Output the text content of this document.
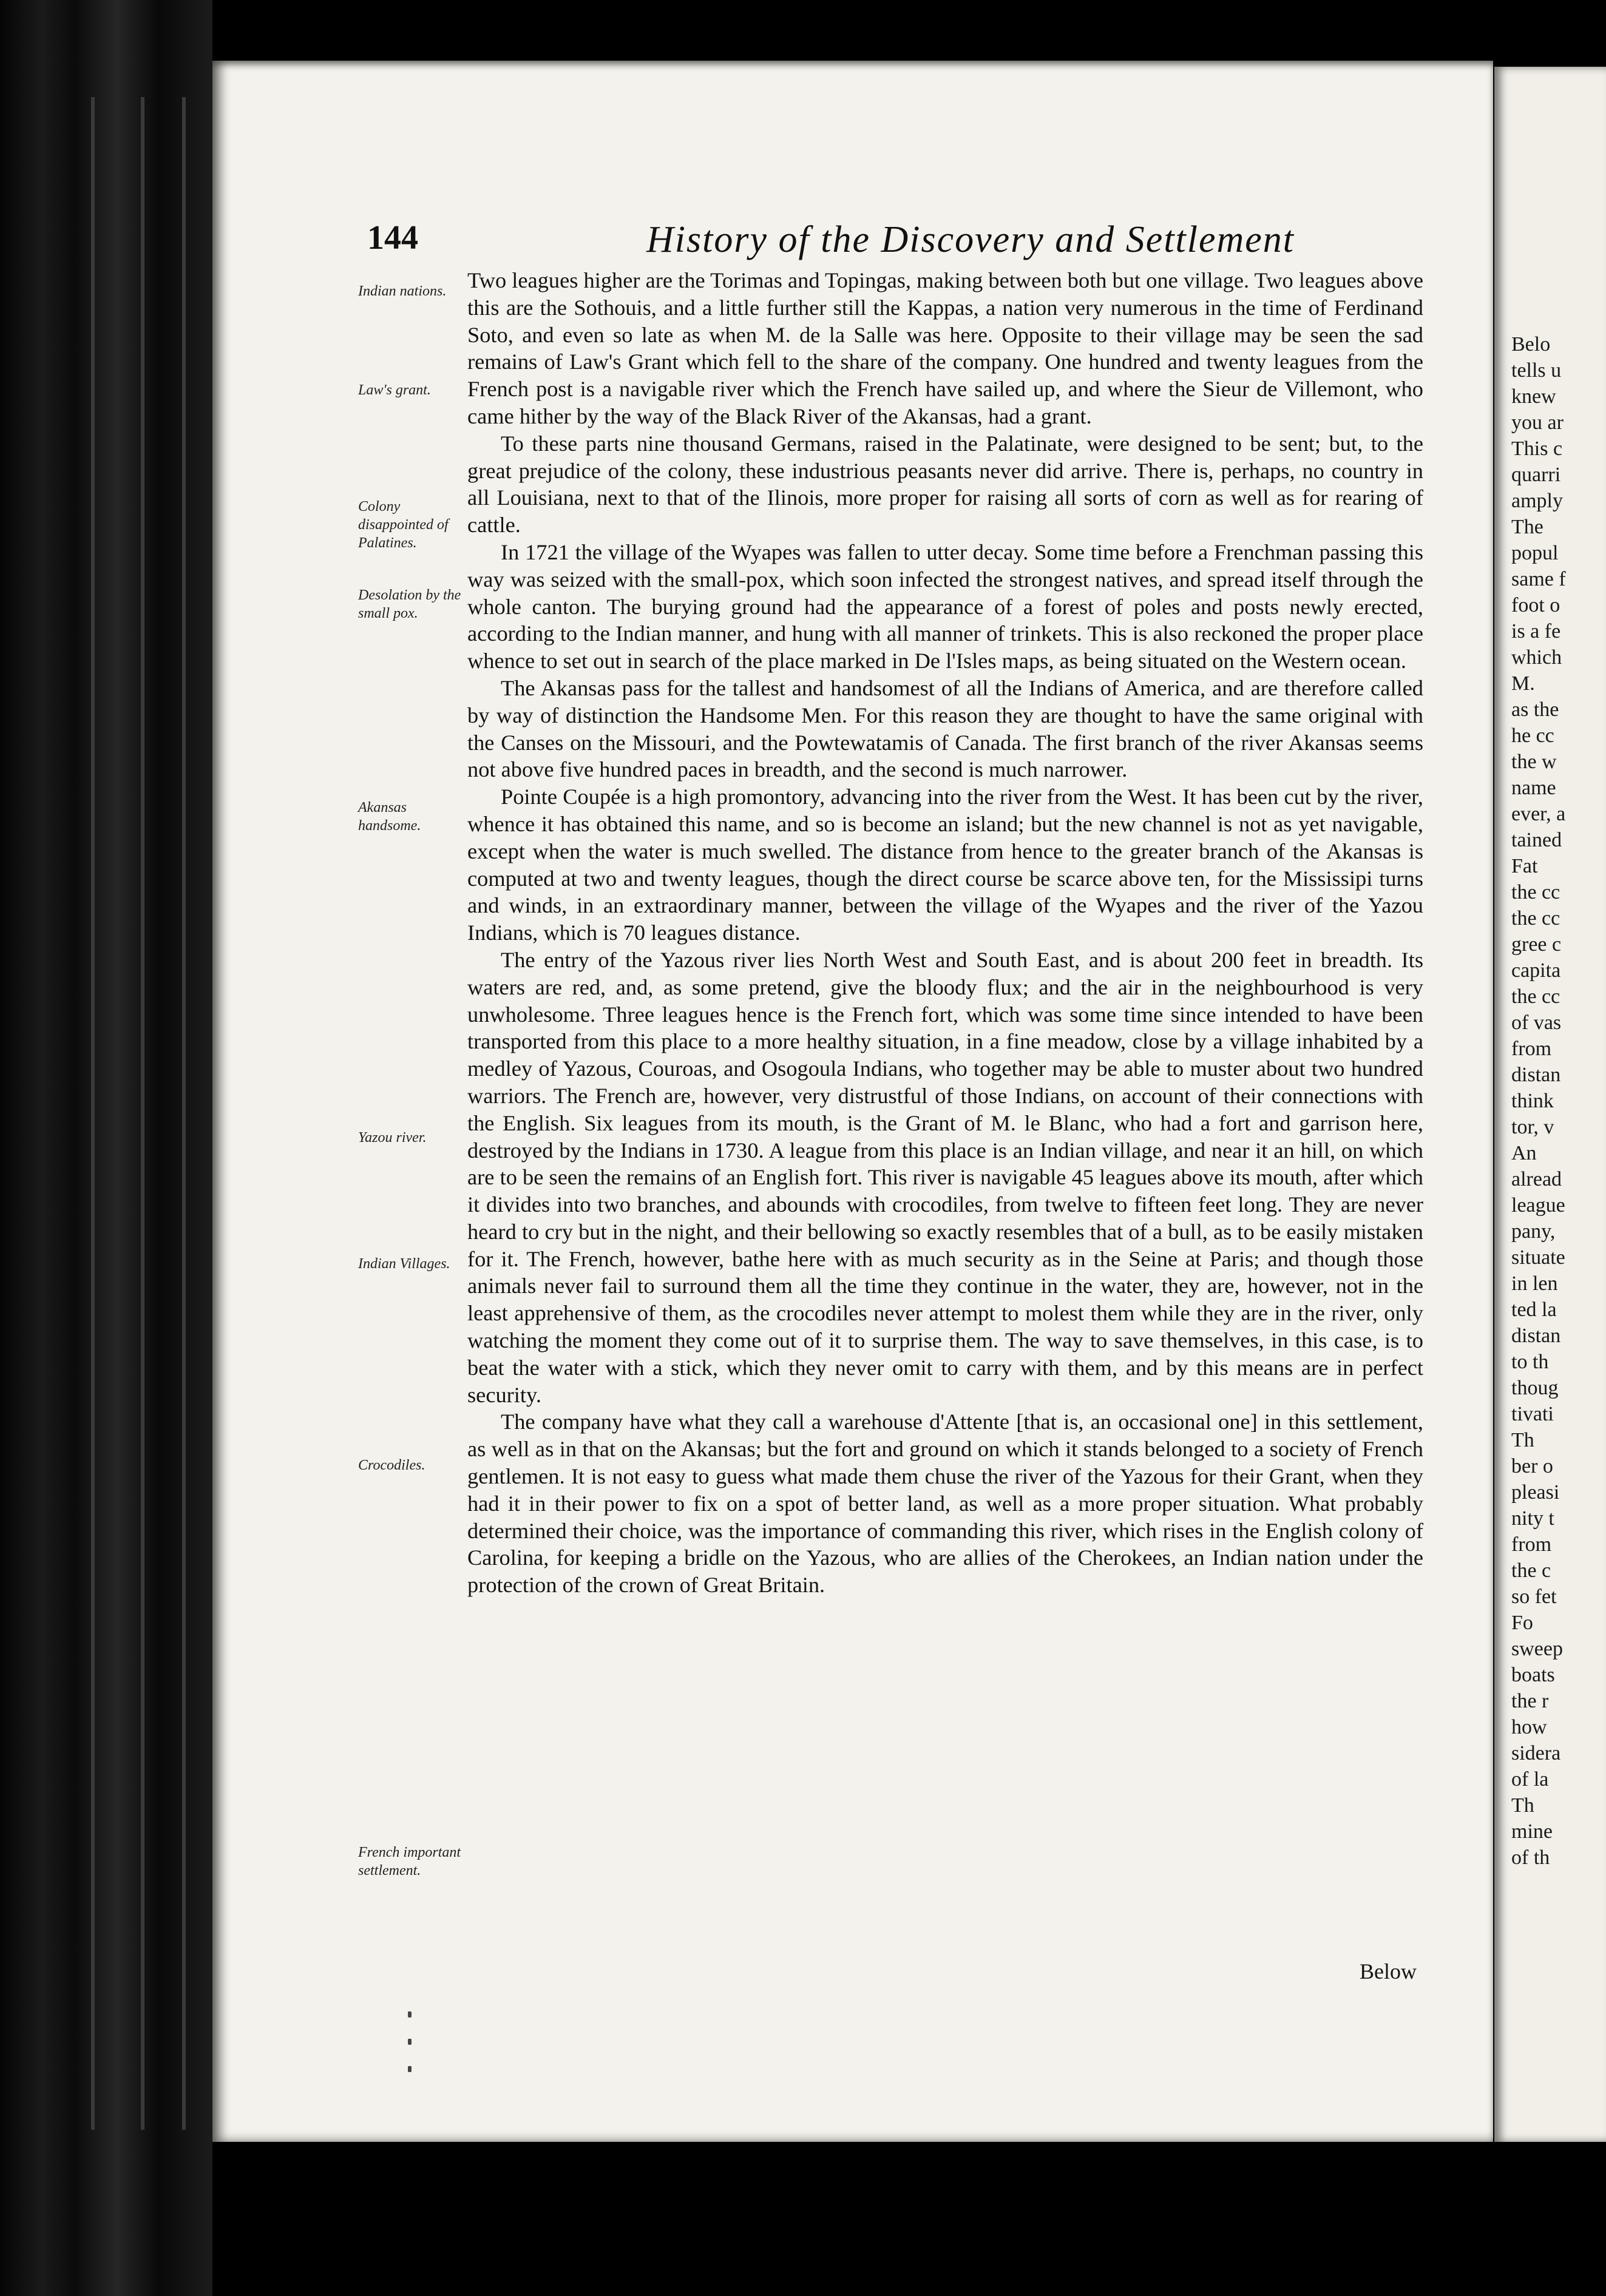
Belo
tells u
knew
you ar
This c
quarri
amply
The
popul
same f
foot o
is a fe
which
M.
as the
he cc
the w
name
ever, a
tained
Fat
the cc
the cc
gree c
capita
the cc
of vas
from
distan
think
tor, v
An
alread
league
pany,
situate
in len
ted la
distan
to th
thoug
tivati
Th
ber o
pleasi
nity t
from
the c
so fet
Fo
sweep
boats
the r
how
sidera
of la
Th
mine
of th
144	History of the Discovery and Settlement
Indian nations.
Law's grant.
Colony disappointed of Palatines.
Desolation by the small pox.
Akansas handsome.
Yazou river.
Indian Villages.
Crocodiles.
French important settlement.

Two leagues higher are the Torimas and Topingas, making between both but one village. Two leagues above this are the Sothouis, and a little further still the Kappas, a nation very numerous in the time of Ferdinand Soto, and even so late as when M. de la Salle was here. Opposite to their village may be seen the sad remains of Law's Grant which fell to the share of the company. One hundred and twenty leagues from the French post is a navigable river which the French have sailed up, and where the Sieur de Villemont, who came hither by the way of the Black River of the Akansas, had a grant.

To these parts nine thousand Germans, raised in the Palatinate, were designed to be sent; but, to the great prejudice of the colony, these industrious peasants never did arrive. There is, perhaps, no country in all Louisiana, next to that of the Ilinois, more proper for raising all sorts of corn as well as for rearing of cattle.

In 1721 the village of the Wyapes was fallen to utter decay. Some time before a Frenchman passing this way was seized with the small-pox, which soon infected the strongest natives, and spread itself through the whole canton. The burying ground had the appearance of a forest of poles and posts newly erected, according to the Indian manner, and hung with all manner of trinkets. This is also reckoned the proper place whence to set out in search of the place marked in De l'Isles maps, as being situated on the Western ocean.

The Akansas pass for the tallest and handsomest of all the Indians of America, and are therefore called by way of distinction the Handsome Men. For this reason they are thought to have the same original with the Canses on the Missouri, and the Powtewatamis of Canada. The first branch of the river Akansas seems not above five hundred paces in breadth, and the second is much narrower.

Pointe Coupée is a high promontory, advancing into the river from the West. It has been cut by the river, whence it has obtained this name, and so is become an island; but the new channel is not as yet navigable, except when the water is much swelled. The distance from hence to the greater branch of the Akansas is computed at two and twenty leagues, though the direct course be scarce above ten, for the Mississipi turns and winds, in an extraordinary manner, between the village of the Wyapes and the river of the Yazou Indians, which is 70 leagues distance.

The entry of the Yazous river lies North West and South East, and is about 200 feet in breadth. Its waters are red, and, as some pretend, give the bloody flux; and the air in the neighbourhood is very unwholesome. Three leagues hence is the French fort, which was some time since intended to have been transported from this place to a more healthy situation, in a fine meadow, close by a village inhabited by a medley of Yazous, Couroas, and Osogoula Indians, who together may be able to muster about two hundred warriors. The French are, however, very distrustful of those Indians, on account of their connections with the English. Six leagues from its mouth, is the Grant of M. le Blanc, who had a fort and garrison here, destroyed by the Indians in 1730. A league from this place is an Indian village, and near it an hill, on which are to be seen the remains of an English fort. This river is navigable 45 leagues above its mouth, after which it divides into two branches, and abounds with crocodiles, from twelve to fifteen feet long. They are never heard to cry but in the night, and their bellowing so exactly resembles that of a bull, as to be easily mistaken for it. The French, however, bathe here with as much security as in the Seine at Paris; and though those animals never fail to surround them all the time they continue in the water, they are, however, not in the least apprehensive of them, as the crocodiles never attempt to molest them while they are in the river, only watching the moment they come out of it to surprise them. The way to save themselves, in this case, is to beat the water with a stick, which they never omit to carry with them, and by this means are in perfect security.

The company have what they call a warehouse d'Attente [that is, an occasional one] in this settlement, as well as in that on the Akansas; but the fort and ground on which it stands belonged to a society of French gentlemen. It is not easy to guess what made them chuse the river of the Yazous for their Grant, when they had it in their power to fix on a spot of better land, as well as a more proper situation. What probably determined their choice, was the importance of commanding this river, which rises in the English colony of Carolina, for keeping a bridle on the Yazous, who are allies of the Cherokees, an Indian nation under the protection of the crown of Great Britain.

Below
